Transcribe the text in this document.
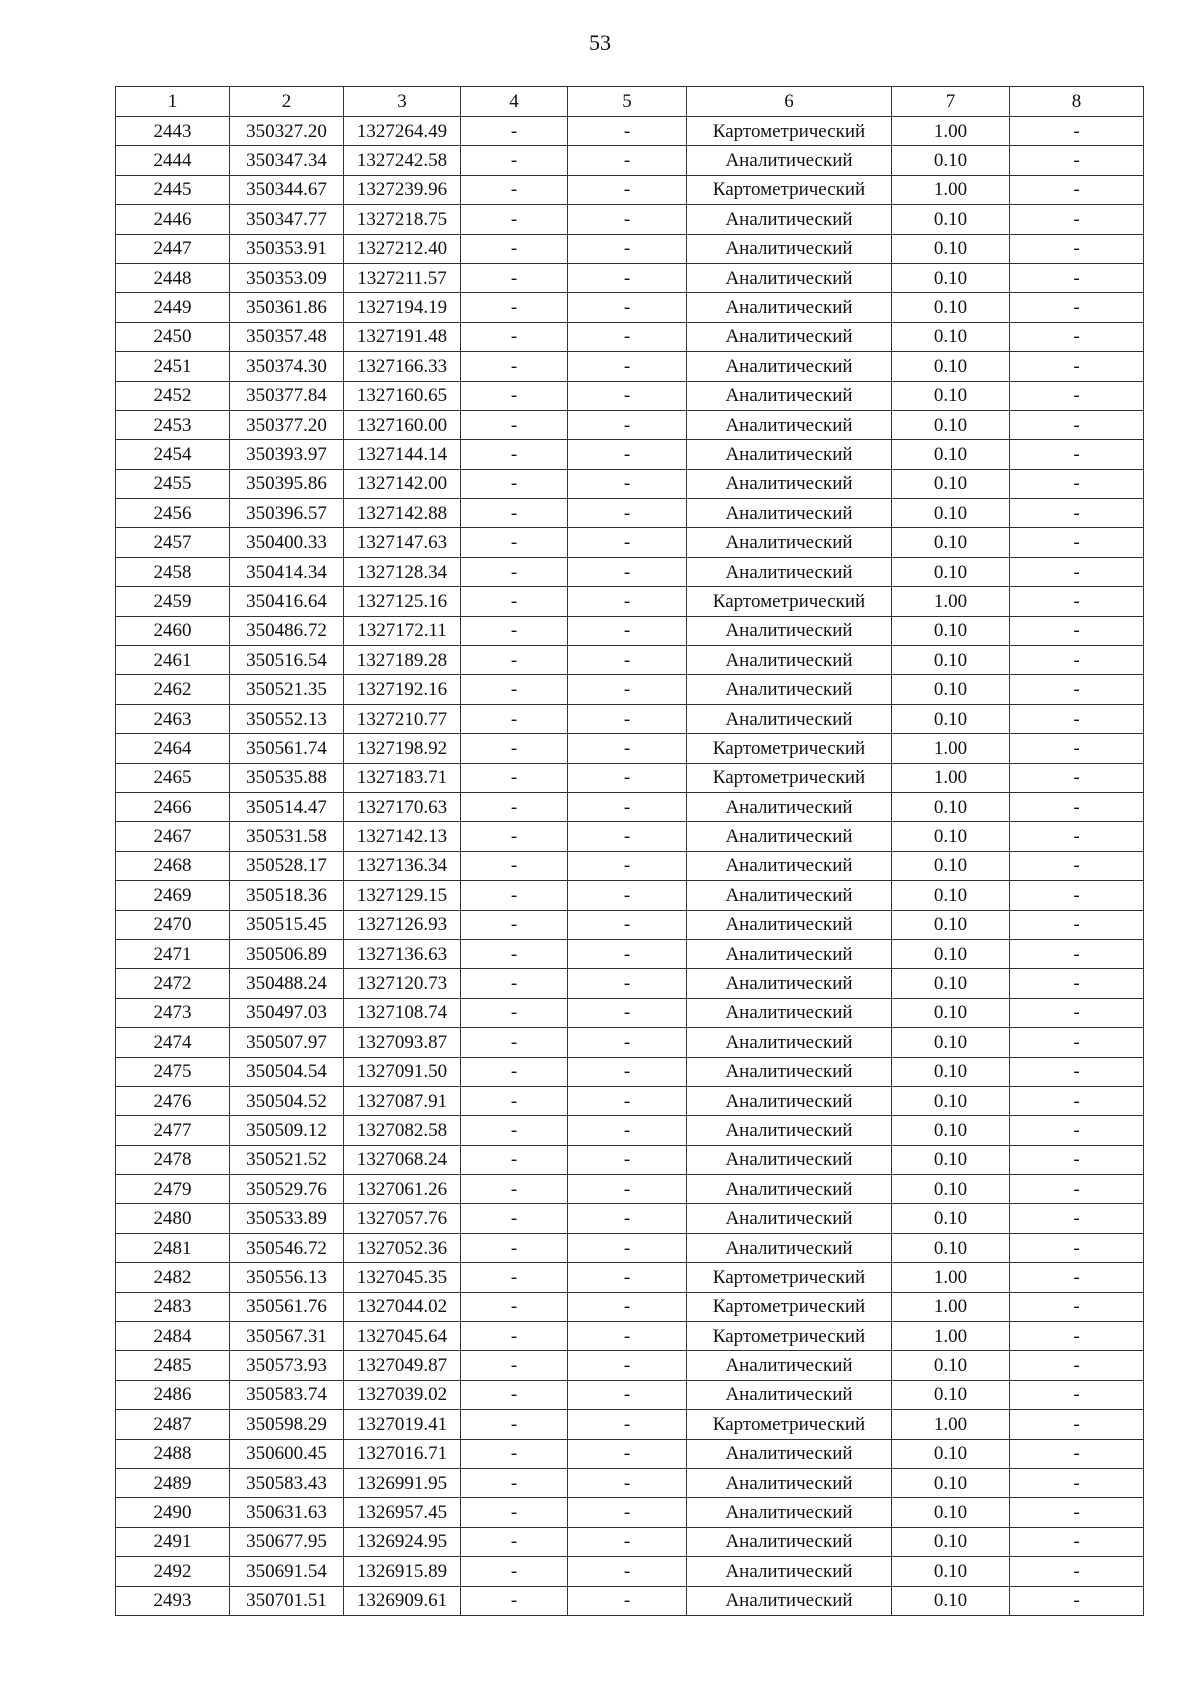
53
1	2	3	4	5	6	7	8
2443	350327.20	1327264.49	-	-	Картометрический	1.00	-
2444	350347.34	1327242.58	-	-	Аналитический	0.10	-
2445	350344.67	1327239.96	-	-	Картометрический	1.00	-
2446	350347.77	1327218.75	-	-	Аналитический	0.10	-
2447	350353.91	1327212.40	-	-	Аналитический	0.10	-
2448	350353.09	1327211.57	-	-	Аналитический	0.10	-
2449	350361.86	1327194.19	-	-	Аналитический	0.10	-
2450	350357.48	1327191.48	-	-	Аналитический	0.10	-
2451	350374.30	1327166.33	-	-	Аналитический	0.10	-
2452	350377.84	1327160.65	-	-	Аналитический	0.10	-
2453	350377.20	1327160.00	-	-	Аналитический	0.10	-
2454	350393.97	1327144.14	-	-	Аналитический	0.10	-
2455	350395.86	1327142.00	-	-	Аналитический	0.10	-
2456	350396.57	1327142.88	-	-	Аналитический	0.10	-
2457	350400.33	1327147.63	-	-	Аналитический	0.10	-
2458	350414.34	1327128.34	-	-	Аналитический	0.10	-
2459	350416.64	1327125.16	-	-	Картометрический	1.00	-
2460	350486.72	1327172.11	-	-	Аналитический	0.10	-
2461	350516.54	1327189.28	-	-	Аналитический	0.10	-
2462	350521.35	1327192.16	-	-	Аналитический	0.10	-
2463	350552.13	1327210.77	-	-	Аналитический	0.10	-
2464	350561.74	1327198.92	-	-	Картометрический	1.00	-
2465	350535.88	1327183.71	-	-	Картометрический	1.00	-
2466	350514.47	1327170.63	-	-	Аналитический	0.10	-
2467	350531.58	1327142.13	-	-	Аналитический	0.10	-
2468	350528.17	1327136.34	-	-	Аналитический	0.10	-
2469	350518.36	1327129.15	-	-	Аналитический	0.10	-
2470	350515.45	1327126.93	-	-	Аналитический	0.10	-
2471	350506.89	1327136.63	-	-	Аналитический	0.10	-
2472	350488.24	1327120.73	-	-	Аналитический	0.10	-
2473	350497.03	1327108.74	-	-	Аналитический	0.10	-
2474	350507.97	1327093.87	-	-	Аналитический	0.10	-
2475	350504.54	1327091.50	-	-	Аналитический	0.10	-
2476	350504.52	1327087.91	-	-	Аналитический	0.10	-
2477	350509.12	1327082.58	-	-	Аналитический	0.10	-
2478	350521.52	1327068.24	-	-	Аналитический	0.10	-
2479	350529.76	1327061.26	-	-	Аналитический	0.10	-
2480	350533.89	1327057.76	-	-	Аналитический	0.10	-
2481	350546.72	1327052.36	-	-	Аналитический	0.10	-
2482	350556.13	1327045.35	-	-	Картометрический	1.00	-
2483	350561.76	1327044.02	-	-	Картометрический	1.00	-
2484	350567.31	1327045.64	-	-	Картометрический	1.00	-
2485	350573.93	1327049.87	-	-	Аналитический	0.10	-
2486	350583.74	1327039.02	-	-	Аналитический	0.10	-
2487	350598.29	1327019.41	-	-	Картометрический	1.00	-
2488	350600.45	1327016.71	-	-	Аналитический	0.10	-
2489	350583.43	1326991.95	-	-	Аналитический	0.10	-
2490	350631.63	1326957.45	-	-	Аналитический	0.10	-
2491	350677.95	1326924.95	-	-	Аналитический	0.10	-
2492	350691.54	1326915.89	-	-	Аналитический	0.10	-
2493	350701.51	1326909.61	-	-	Аналитический	0.10	-
